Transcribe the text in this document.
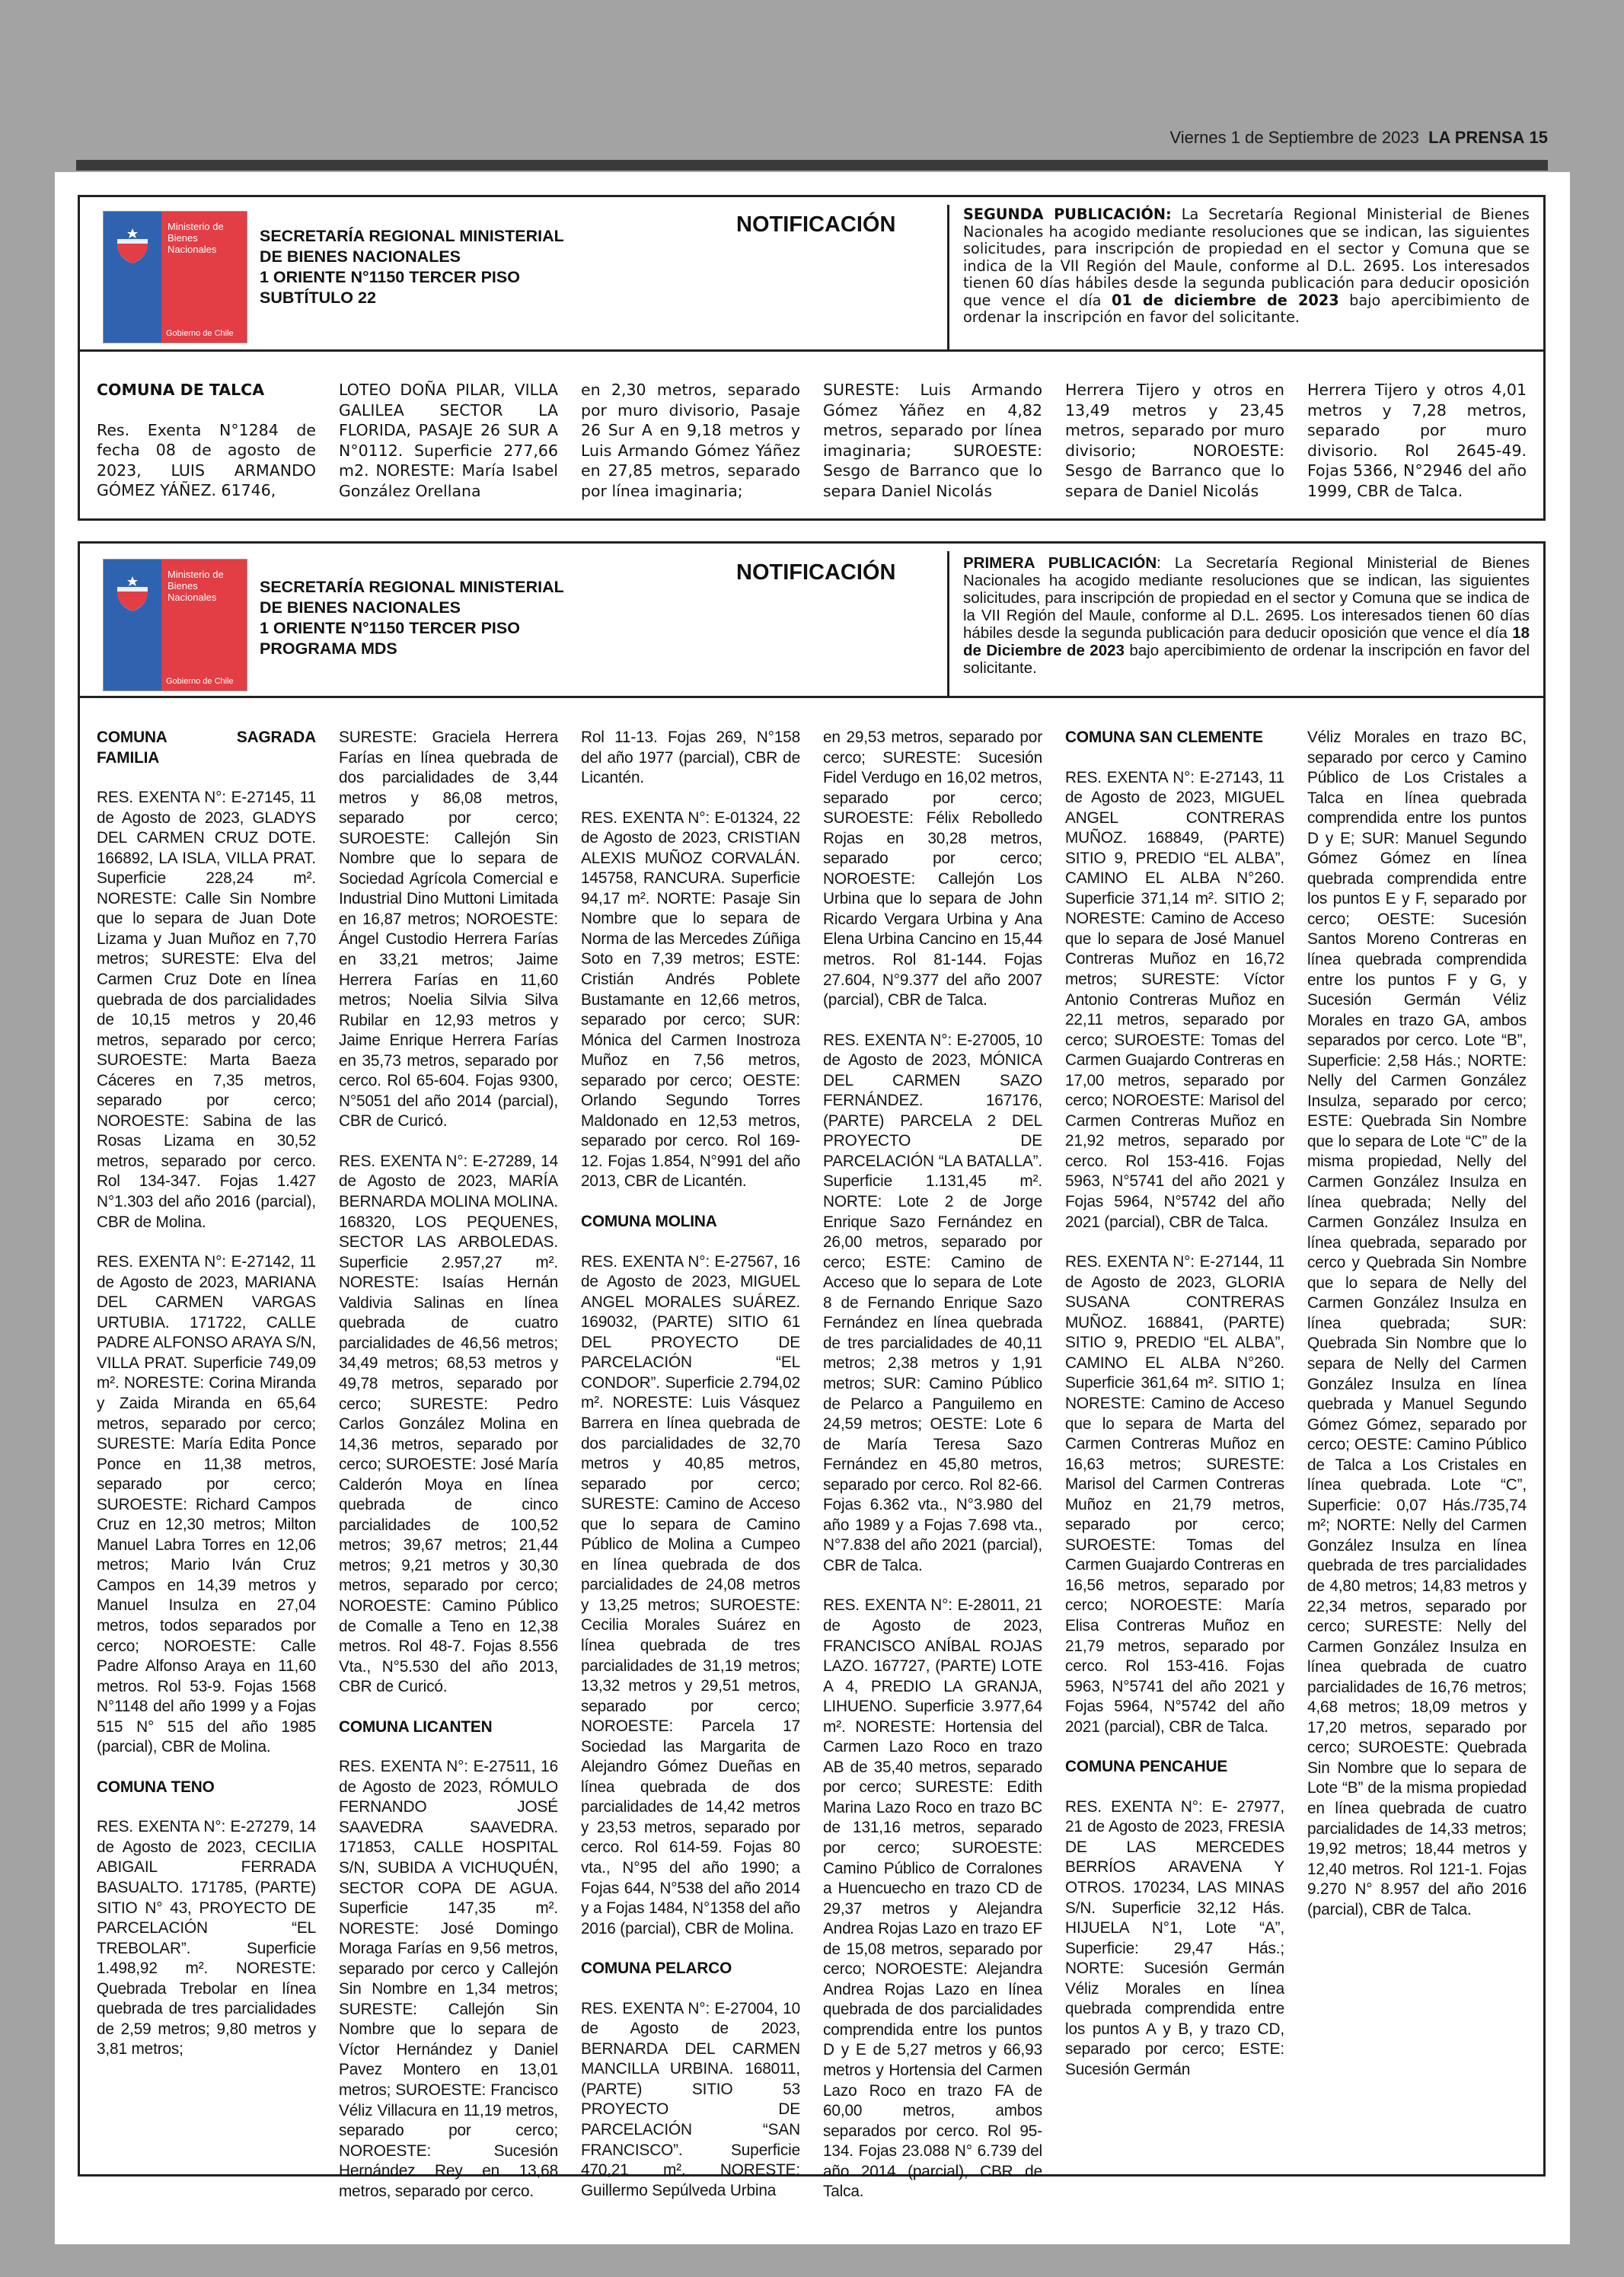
Viernes 1 de Septiembre de 2023 LA PRENSA 15
Ministerio de Bienes Nacionales
Gobierno de Chile
SECRETARÍA REGIONAL MINISTERIAL
DE BIENES NACIONALES
1 ORIENTE N°1150 TERCER PISO
SUBTÍTULO 22
NOTIFICACIÓN	SEGUNDA PUBLICACIÓN: La Secretaría Regional Ministerial de Bienes Nacionales ha acogido mediante resoluciones que se indican, las siguientes solicitudes, para inscripción de propiedad en el sector y Comuna que se indica de la VII Región del Maule, conforme al D.L. 2695. Los interesados tienen 60 días hábiles desde la segunda publicación para deducir oposición que vence el día 01 de diciembre de 2023 bajo apercibimiento de ordenar la inscripción en favor del solicitante.
COMUNA DE TALCA

Res. Exenta N°1284 de fecha 08 de agosto de 2023, LUIS ARMANDO GÓMEZ YÁÑEZ. 61746,

LOTEO DOÑA PILAR, VILLA GALILEA SECTOR LA FLORIDA, PASAJE 26 SUR A N°0112. Superficie 277,66 m2. NORESTE: María Isabel González Orellana

en 2,30 metros, separado por muro divisorio, Pasaje 26 Sur A en 9,18 metros y Luis Armando Gómez Yáñez en 27,85 metros, separado por línea imaginaria;

SURESTE: Luis Armando Gómez Yáñez en 4,82 metros, separado por línea imaginaria; SUROESTE: Sesgo de Barranco que lo separa Daniel Nicolás

Herrera Tijero y otros en 13,49 metros y 23,45 metros, separado por muro divisorio; NOROESTE: Sesgo de Barranco que lo separa de Daniel Nicolás

Herrera Tijero y otros 4,01 metros y 7,28 metros, separado por muro divisorio. Rol 2645-49. Fojas 5366, N°2946 del año 1999, CBR de Talca.

Ministerio de Bienes Nacionales
Gobierno de Chile
SECRETARÍA REGIONAL MINISTERIAL
DE BIENES NACIONALES
1 ORIENTE N°1150 TERCER PISO
PROGRAMA MDS
NOTIFICACIÓN	PRIMERA PUBLICACIÓN: La Secretaría Regional Ministerial de Bienes Nacionales ha acogido mediante resoluciones que se indican, las siguientes solicitudes, para inscripción de propiedad en el sector y Comuna que se indica de la VII Región del Maule, conforme al D.L. 2695. Los interesados tienen 60 días hábiles desde la segunda publicación para deducir oposición que vence el día 18 de Diciembre de 2023 bajo apercibimiento de ordenar la inscripción en favor del solicitante.
COMUNA SAGRADA FAMILIA

RES. EXENTA N°: E-27145, 11 de Agosto de 2023, GLADYS DEL CARMEN CRUZ DOTE. 166892, LA ISLA, VILLA PRAT. Superficie 228,24 m². NORESTE: Calle Sin Nombre que lo separa de Juan Dote Lizama y Juan Muñoz en 7,70 metros; SURESTE: Elva del Carmen Cruz Dote en línea quebrada de dos parcialidades de 10,15 metros y 20,46 metros, separado por cerco; SUROESTE: Marta Baeza Cáceres en 7,35 metros, separado por cerco; NOROESTE: Sabina de las Rosas Lizama en 30,52 metros, separado por cerco. Rol 134-347. Fojas 1.427 N°1.303 del año 2016 (parcial), CBR de Molina.

RES. EXENTA N°: E-27142, 11 de Agosto de 2023, MARIANA DEL CARMEN VARGAS URTUBIA. 171722, CALLE PADRE ALFONSO ARAYA S/N, VILLA PRAT. Superficie 749,09 m². NORESTE: Corina Miranda y Zaida Miranda en 65,64 metros, separado por cerco; SURESTE: María Edita Ponce Ponce en 11,38 metros, separado por cerco; SUROESTE: Richard Campos Cruz en 12,30 metros; Milton Manuel Labra Torres en 12,06 metros; Mario Iván Cruz Campos en 14,39 metros y Manuel Insulza en 27,04 metros, todos separados por cerco; NOROESTE: Calle Padre Alfonso Araya en 11,60 metros. Rol 53-9. Fojas 1568 N°1148 del año 1999 y a Fojas 515 N° 515 del año 1985 (parcial), CBR de Molina.

COMUNA TENO

RES. EXENTA N°: E-27279, 14 de Agosto de 2023, CECILIA ABIGAIL FERRADA BASUALTO. 171785, (PARTE) SITIO N° 43, PROYECTO DE PARCELACIÓN “EL TREBOLAR”. Superficie 1.498,92 m². NORESTE: Quebrada Trebolar en línea quebrada de tres parcialidades de 2,59 metros; 9,80 metros y 3,81 metros;

SURESTE: Graciela Herrera Farías en línea quebrada de dos parcialidades de 3,44 metros y 86,08 metros, separado por cerco; SUROESTE: Callejón Sin Nombre que lo separa de Sociedad Agrícola Comercial e Industrial Dino Muttoni Limitada en 16,87 metros; NOROESTE: Ángel Custodio Herrera Farías en 33,21 metros; Jaime Herrera Farías en 11,60 metros; Noelia Silvia Silva Rubilar en 12,93 metros y Jaime Enrique Herrera Farías en 35,73 metros, separado por cerco. Rol 65-604. Fojas 9300, N°5051 del año 2014 (parcial), CBR de Curicó.

RES. EXENTA N°: E-27289, 14 de Agosto de 2023, MARÍA BERNARDA MOLINA MOLINA. 168320, LOS PEQUENES, SECTOR LAS ARBOLEDAS. Superficie 2.957,27 m². NORESTE: Isaías Hernán Valdivia Salinas en línea quebrada de cuatro parcialidades de 46,56 metros; 34,49 metros; 68,53 metros y 49,78 metros, separado por cerco; SURESTE: Pedro Carlos González Molina en 14,36 metros, separado por cerco; SUROESTE: José María Calderón Moya en línea quebrada de cinco parcialidades de 100,52 metros; 39,67 metros; 21,44 metros; 9,21 metros y 30,30 metros, separado por cerco; NOROESTE: Camino Público de Comalle a Teno en 12,38 metros. Rol 48-7. Fojas 8.556 Vta., N°5.530 del año 2013, CBR de Curicó.

COMUNA LICANTEN

RES. EXENTA N°: E-27511, 16 de Agosto de 2023, RÓMULO FERNANDO JOSÉ SAAVEDRA SAAVEDRA. 171853, CALLE HOSPITAL S/N, SUBIDA A VICHUQUÉN, SECTOR COPA DE AGUA. Superficie 147,35 m². NORESTE: José Domingo Moraga Farías en 9,56 metros, separado por cerco y Callejón Sin Nombre en 1,34 metros; SURESTE: Callejón Sin Nombre que lo separa de Víctor Hernández y Daniel Pavez Montero en 13,01 metros; SUROESTE: Francisco Véliz Villacura en 11,19 metros, separado por cerco; NOROESTE: Sucesión Hernández Rey en 13,68 metros, separado por cerco.

Rol 11-13. Fojas 269, N°158 del año 1977 (parcial), CBR de Licantén.

RES. EXENTA N°: E-01324, 22 de Agosto de 2023, CRISTIAN ALEXIS MUÑOZ CORVALÁN. 145758, RANCURA. Superficie 94,17 m². NORTE: Pasaje Sin Nombre que lo separa de Norma de las Mercedes Zúñiga Soto en 7,39 metros; ESTE: Cristián Andrés Poblete Bustamante en 12,66 metros, separado por cerco; SUR: Mónica del Carmen Inostroza Muñoz en 7,56 metros, separado por cerco; OESTE: Orlando Segundo Torres Maldonado en 12,53 metros, separado por cerco. Rol 169-12. Fojas 1.854, N°991 del año 2013, CBR de Licantén.

COMUNA MOLINA

RES. EXENTA N°: E-27567, 16 de Agosto de 2023, MIGUEL ANGEL MORALES SUÁREZ. 169032, (PARTE) SITIO 61 DEL PROYECTO DE PARCELACIÓN “EL CONDOR”. Superficie 2.794,02 m². NORESTE: Luis Vásquez Barrera en línea quebrada de dos parcialidades de 32,70 metros y 40,85 metros, separado por cerco; SURESTE: Camino de Acceso que lo separa de Camino Público de Molina a Cumpeo en línea quebrada de dos parcialidades de 24,08 metros y 13,25 metros; SUROESTE: Cecilia Morales Suárez en línea quebrada de tres parcialidades de 31,19 metros; 13,32 metros y 29,51 metros, separado por cerco; NOROESTE: Parcela 17 Sociedad las Margarita de Alejandro Gómez Dueñas en línea quebrada de dos parcialidades de 14,42 metros y 23,53 metros, separado por cerco. Rol 614-59. Fojas 80 vta., N°95 del año 1990; a Fojas 644, N°538 del año 2014 y a Fojas 1484, N°1358 del año 2016 (parcial), CBR de Molina.

COMUNA PELARCO

RES. EXENTA N°: E-27004, 10 de Agosto de 2023, BERNARDA DEL CARMEN MANCILLA URBINA. 168011, (PARTE) SITIO 53 PROYECTO DE PARCELACIÓN “SAN FRANCISCO”. Superficie 470,21 m². NORESTE: Guillermo Sepúlveda Urbina

en 29,53 metros, separado por cerco; SURESTE: Sucesión Fidel Verdugo en 16,02 metros, separado por cerco; SUROESTE: Félix Rebolledo Rojas en 30,28 metros, separado por cerco; NOROESTE: Callejón Los Urbina que lo separa de John Ricardo Vergara Urbina y Ana Elena Urbina Cancino en 15,44 metros. Rol 81-144. Fojas 27.604, N°9.377 del año 2007 (parcial), CBR de Talca.

RES. EXENTA N°: E-27005, 10 de Agosto de 2023, MÓNICA DEL CARMEN SAZO FERNÁNDEZ. 167176, (PARTE) PARCELA 2 DEL PROYECTO DE PARCELACIÓN “LA BATALLA”. Superficie 1.131,45 m². NORTE: Lote 2 de Jorge Enrique Sazo Fernández en 26,00 metros, separado por cerco; ESTE: Camino de Acceso que lo separa de Lote 8 de Fernando Enrique Sazo Fernández en línea quebrada de tres parcialidades de 40,11 metros; 2,38 metros y 1,91 metros; SUR: Camino Público de Pelarco a Panguilemo en 24,59 metros; OESTE: Lote 6 de María Teresa Sazo Fernández en 45,80 metros, separado por cerco. Rol 82-66. Fojas 6.362 vta., N°3.980 del año 1989 y a Fojas 7.698 vta., N°7.838 del año 2021 (parcial), CBR de Talca.

RES. EXENTA N°: E-28011, 21 de Agosto de 2023, FRANCISCO ANÍBAL ROJAS LAZO. 167727, (PARTE) LOTE A 4, PREDIO LA GRANJA, LIHUENO. Superficie 3.977,64 m². NORESTE: Hortensia del Carmen Lazo Roco en trazo AB de 35,40 metros, separado por cerco; SURESTE: Edith Marina Lazo Roco en trazo BC de 131,16 metros, separado por cerco; SUROESTE: Camino Público de Corralones a Huencuecho en trazo CD de 29,37 metros y Alejandra Andrea Rojas Lazo en trazo EF de 15,08 metros, separado por cerco; NOROESTE: Alejandra Andrea Rojas Lazo en línea quebrada de dos parcialidades comprendida entre los puntos D y E de 5,27 metros y 66,93 metros y Hortensia del Carmen Lazo Roco en trazo FA de 60,00 metros, ambos separados por cerco. Rol 95-134. Fojas 23.088 N° 6.739 del año 2014 (parcial), CBR de Talca.

COMUNA SAN CLEMENTE

RES. EXENTA N°: E-27143, 11 de Agosto de 2023, MIGUEL ANGEL CONTRERAS MUÑOZ. 168849, (PARTE) SITIO 9, PREDIO “EL ALBA”, CAMINO EL ALBA N°260. Superficie 371,14 m². SITIO 2; NORESTE: Camino de Acceso que lo separa de José Manuel Contreras Muñoz en 16,72 metros; SURESTE: Víctor Antonio Contreras Muñoz en 22,11 metros, separado por cerco; SUROESTE: Tomas del Carmen Guajardo Contreras en 17,00 metros, separado por cerco; NOROESTE: Marisol del Carmen Contreras Muñoz en 21,92 metros, separado por cerco. Rol 153-416. Fojas 5963, N°5741 del año 2021 y Fojas 5964, N°5742 del año 2021 (parcial), CBR de Talca.

RES. EXENTA N°: E-27144, 11 de Agosto de 2023, GLORIA SUSANA CONTRERAS MUÑOZ. 168841, (PARTE) SITIO 9, PREDIO “EL ALBA”, CAMINO EL ALBA N°260. Superficie 361,64 m². SITIO 1; NORESTE: Camino de Acceso que lo separa de Marta del Carmen Contreras Muñoz en 16,63 metros; SURESTE: Marisol del Carmen Contreras Muñoz en 21,79 metros, separado por cerco; SUROESTE: Tomas del Carmen Guajardo Contreras en 16,56 metros, separado por cerco; NOROESTE: María Elisa Contreras Muñoz en 21,79 metros, separado por cerco. Rol 153-416. Fojas 5963, N°5741 del año 2021 y Fojas 5964, N°5742 del año 2021 (parcial), CBR de Talca.

COMUNA PENCAHUE

RES. EXENTA N°: E- 27977, 21 de Agosto de 2023, FRESIA DE LAS MERCEDES BERRÍOS ARAVENA Y OTROS. 170234, LAS MINAS S/N. Superficie 32,12 Hás. HIJUELA N°1, Lote “A”, Superficie: 29,47 Hás.; NORTE: Sucesión Germán Véliz Morales en línea quebrada comprendida entre los puntos A y B, y trazo CD, separado por cerco; ESTE: Sucesión Germán

Véliz Morales en trazo BC, separado por cerco y Camino Público de Los Cristales a Talca en línea quebrada comprendida entre los puntos D y E; SUR: Manuel Segundo Gómez Gómez en línea quebrada comprendida entre los puntos E y F, separado por cerco; OESTE: Sucesión Santos Moreno Contreras en línea quebrada comprendida entre los puntos F y G, y Sucesión Germán Véliz Morales en trazo GA, ambos separados por cerco. Lote “B”, Superficie: 2,58 Hás.; NORTE: Nelly del Carmen González Insulza, separado por cerco; ESTE: Quebrada Sin Nombre que lo separa de Lote “C” de la misma propiedad, Nelly del Carmen González Insulza en línea quebrada; Nelly del Carmen González Insulza en línea quebrada, separado por cerco y Quebrada Sin Nombre que lo separa de Nelly del Carmen González Insulza en línea quebrada; SUR: Quebrada Sin Nombre que lo separa de Nelly del Carmen González Insulza en línea quebrada y Manuel Segundo Gómez Gómez, separado por cerco; OESTE: Camino Público de Talca a Los Cristales en línea quebrada. Lote “C”, Superficie: 0,07 Hás./735,74 m²; NORTE: Nelly del Carmen González Insulza en línea quebrada de tres parcialidades de 4,80 metros; 14,83 metros y 22,34 metros, separado por cerco; SURESTE: Nelly del Carmen González Insulza en línea quebrada de cuatro parcialidades de 16,76 metros; 4,68 metros; 18,09 metros y 17,20 metros, separado por cerco; SUROESTE: Quebrada Sin Nombre que lo separa de Lote “B” de la misma propiedad en línea quebrada de cuatro parcialidades de 14,33 metros; 19,92 metros; 18,44 metros y 12,40 metros. Rol 121-1. Fojas 9.270 N° 8.957 del año 2016 (parcial), CBR de Talca.
